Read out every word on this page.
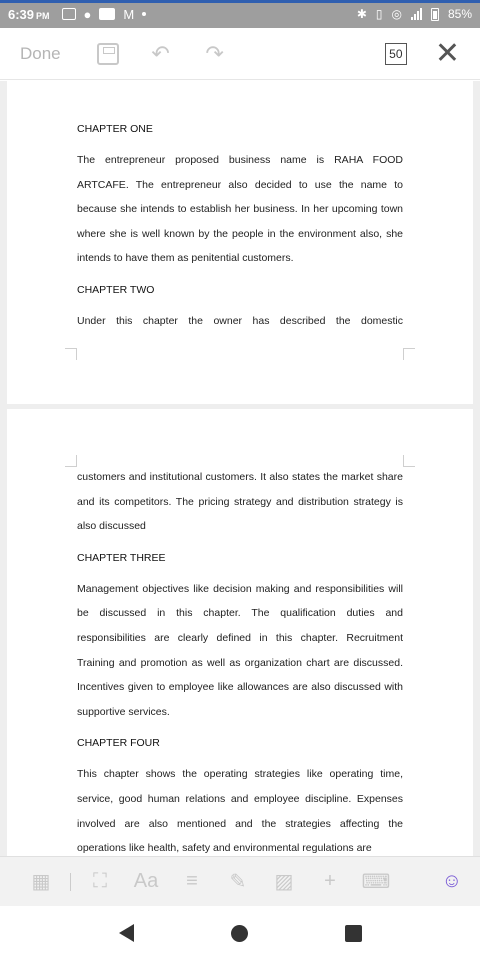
6:39 PM	● M	✱ ▯ ◎	85%
Done	↶ ↷	50 ✕
CHAPTER ONE
The entrepreneur proposed business name is RAHA FOOD ARTCAFE. The entrepreneur also decided to use the name to because she intends to establish her business. In her upcoming town where she is well known by the people in the environment also, she intends to have them as penitential customers.
CHAPTER TWO
Under this chapter the owner has described the domestic
customers and institutional customers. It also states the market share and its competitors. The pricing strategy and distribution strategy is also discussed
CHAPTER THREE
Management objectives like decision making and responsibilities will be discussed in this chapter. The qualification duties and responsibilities are clearly defined in this chapter. Recruitment Training and promotion as well as organization chart are discussed. Incentives given to employee like allowances are also discussed with supportive services.
CHAPTER FOUR
This chapter shows the operating strategies like operating time, service, good human relations and employee discipline. Expenses involved are also mentioned and the strategies affecting the operations like health, safety and environmental regulations are
▦	⛶	Aa	≡	✎	▨	+	⌨	☺
